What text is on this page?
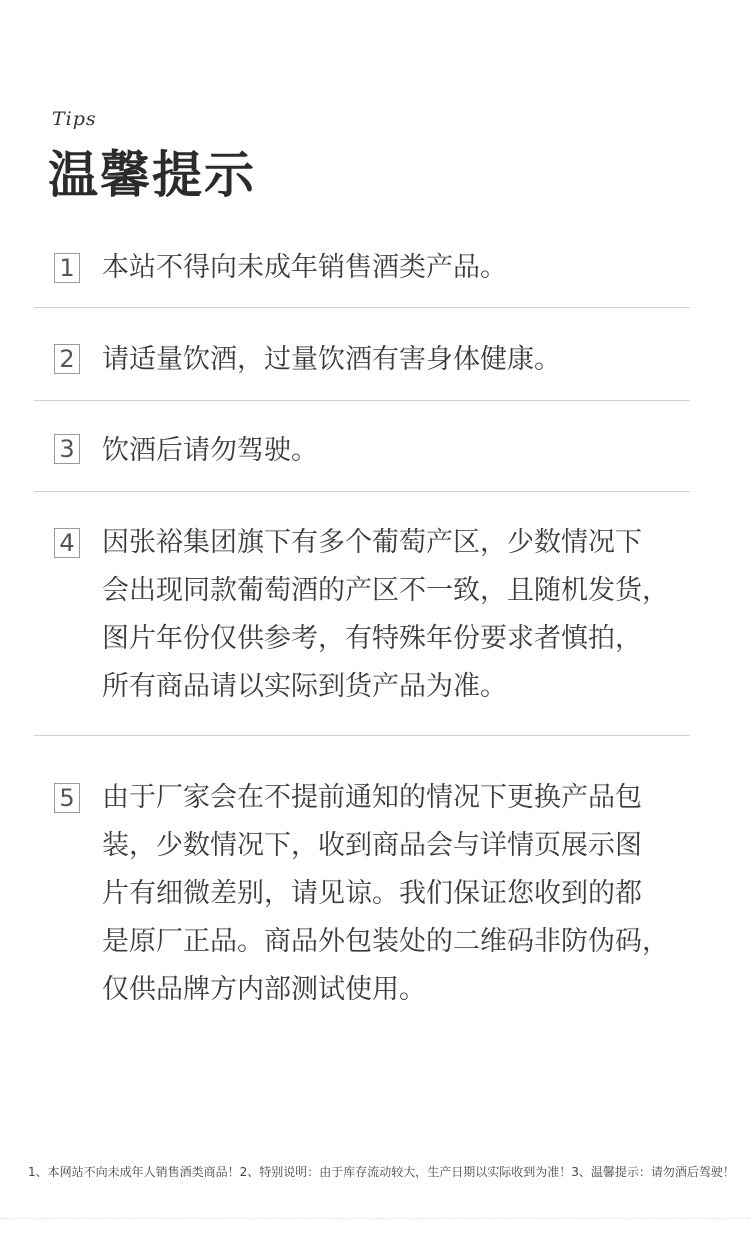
Tips
温馨提示
1 本站不得向未成年销售酒类产品。
2 请适量饮酒，过量饮酒有害身体健康。
3 饮酒后请勿驾驶。
4 因张裕集团旗下有多个葡萄产区，少数情况下
会出现同款葡萄酒的产区不一致，且随机发货，
图片年份仅供参考，有特殊年份要求者慎拍，
所有商品请以实际到货产品为准。
5 由于厂家会在不提前通知的情况下更换产品包
装，少数情况下，收到商品会与详情页展示图
片有细微差别，请见谅。我们保证您收到的都
是原厂正品。商品外包装处的二维码非防伪码，
仅供品牌方内部测试使用。
1、本网站不向未成年人销售酒类商品！2、特别说明：由于库存流动较大，生产日期以实际收到为准！3、温馨提示：请勿酒后驾驶！
